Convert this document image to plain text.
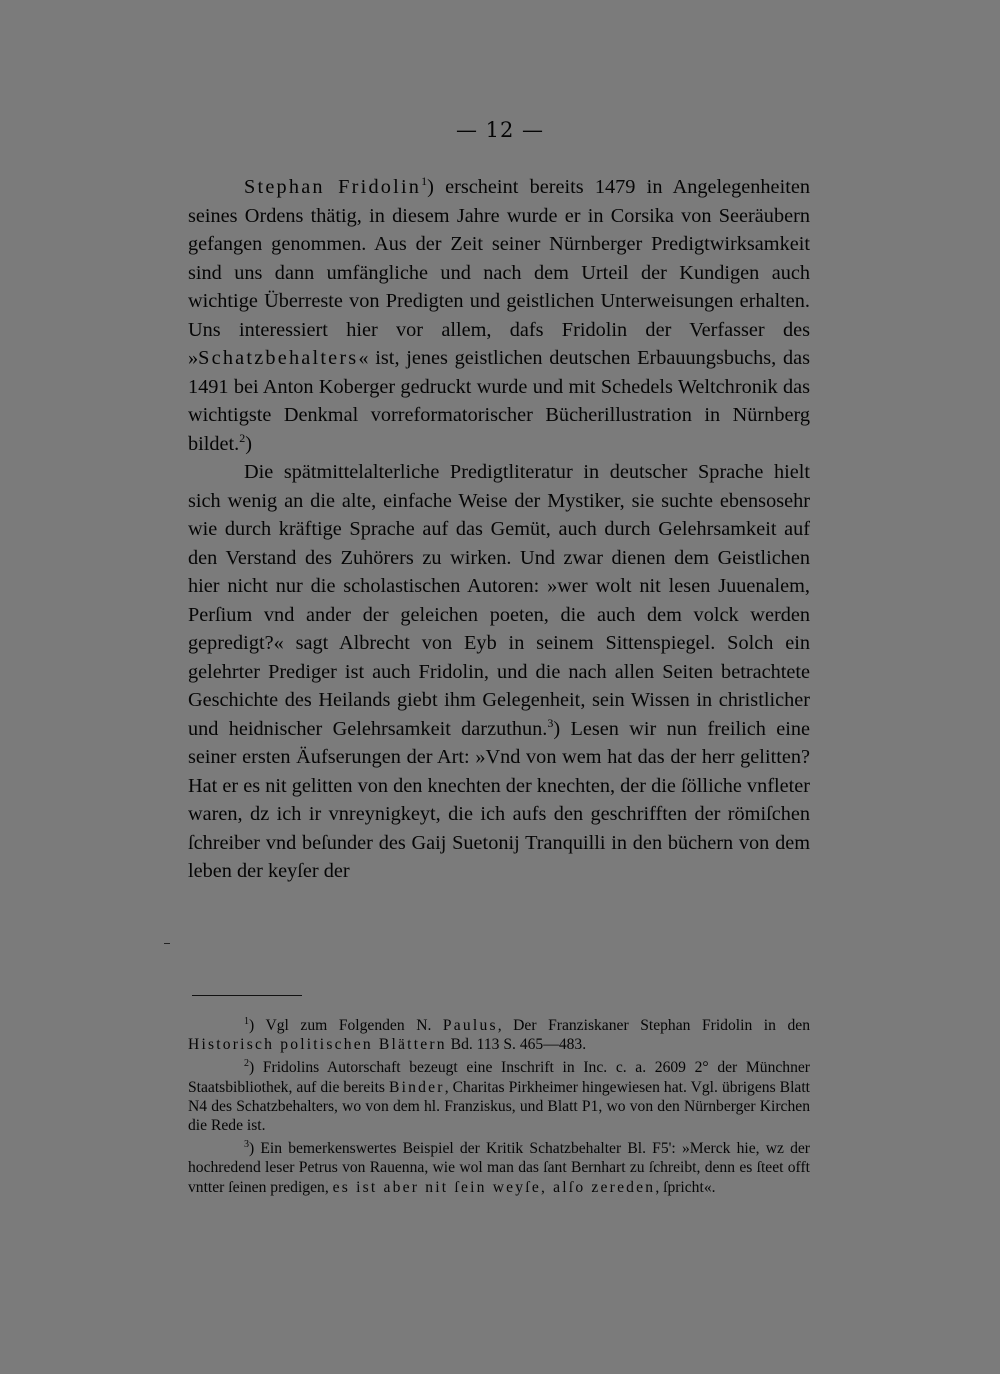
— 12 —

Stephan Fridolin$^1$) erscheint bereits 1479 in Angelegenheiten seines Ordens thätig, in diesem Jahre wurde er in Corsika von Seeräubern gefangen genommen. Aus der Zeit seiner Nürnberger Predigtwirksamkeit sind uns dann umfängliche und nach dem Urteil der Kundigen auch wichtige Überreste von Predigten und geistlichen Unterweisungen erhalten. Uns interessiert hier vor allem, dafs Fridolin der Verfasser des »Schatzbehalters« ist, jenes geistlichen deutschen Erbauungsbuchs, das 1491 bei Anton Koberger gedruckt wurde und mit Schedels Weltchronik das wichtigste Denkmal vorreformatorischer Bücherillustration in Nürnberg bildet.$^2$)

Die spätmittelalterliche Predigtliteratur in deutscher Sprache hielt sich wenig an die alte, einfache Weise der Mystiker, sie suchte ebensosehr wie durch kräftige Sprache auf das Gemüt, auch durch Gelehrsamkeit auf den Verstand des Zuhörers zu wirken. Und zwar dienen dem Geistlichen hier nicht nur die scholastischen Autoren: »wer wolt nit lesen Juuenalem, Perſium vnd ander der geleichen poeten, die auch dem volck werden gepredigt?« sagt Albrecht von Eyb in seinem Sittenspiegel. Solch ein gelehrter Prediger ist auch Fridolin, und die nach allen Seiten betrachtete Geschichte des Heilands giebt ihm Gelegenheit, sein Wissen in christlicher und heidnischer Gelehrsamkeit darzuthun.$^3$) Lesen wir nun freilich eine seiner ersten Äufserungen der Art: »Vnd von wem hat das der herr gelitten? Hat er es nit gelitten von den knechten der knechten, der die ſölliche vnfleter waren, dz ich ir vnreynigkeyt, die ich aufs den geschrifften der römiſchen ſchreiber vnd beſunder des Gaij Suetonij Tranquilli in den büchern von dem leben der keyſer der

$^1$) Vgl zum Folgenden N. Paulus, Der Franziskaner Stephan Fridolin in den Historisch politischen Blättern Bd. 113 S. 465—483.

$^2$) Fridolins Autorschaft bezeugt eine Inschrift in Inc. c. a. 2609 2° der Münchner Staatsbibliothek, auf die bereits Binder, Charitas Pirkheimer hingewiesen hat. Vgl. übrigens Blatt N4 des Schatzbehalters, wo von dem hl. Franziskus, und Blatt P1, wo von den Nürnberger Kirchen die Rede ist.

$^3$) Ein bemerkenswertes Beispiel der Kritik Schatzbehalter Bl. F5': »Merck hie, wz der hochredend leser Petrus von Rauenna, wie wol man das ſant Bernhart zu ſchreibt, denn es ſteet offt vntter ſeinen predigen, es ist aber nit ſein weyſe, alſo zereden, ſpricht«.
